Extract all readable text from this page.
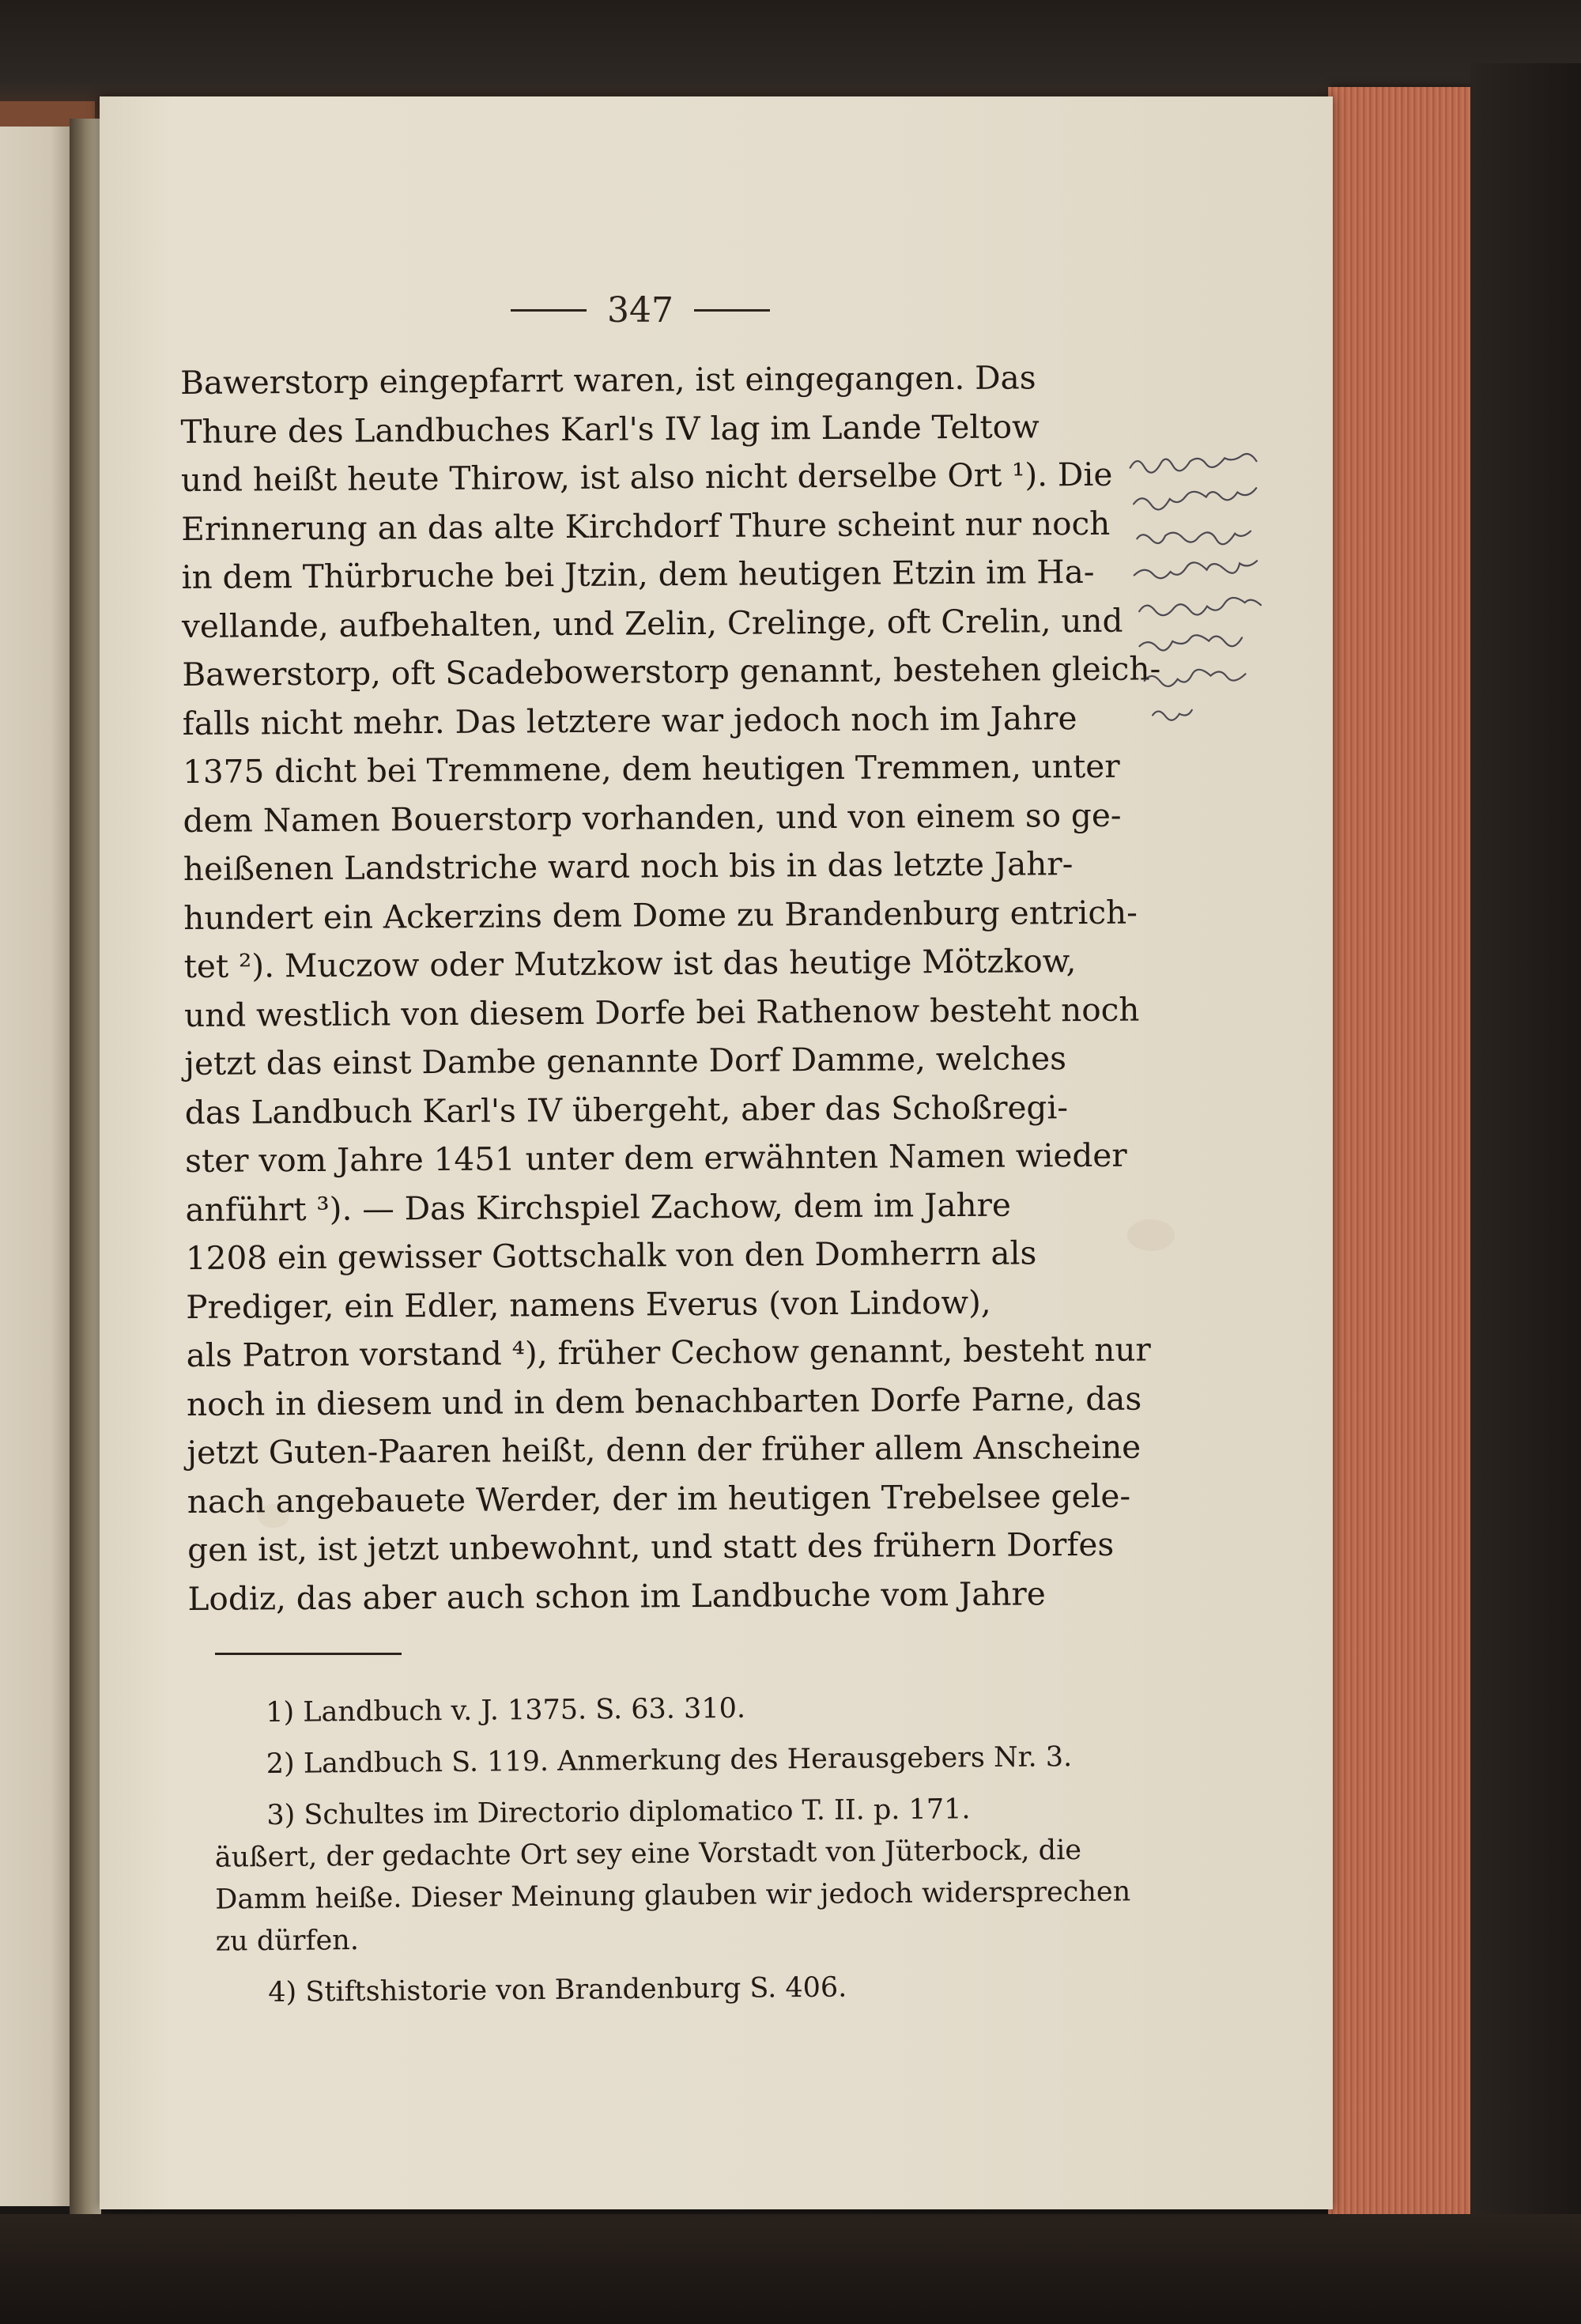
347
Bawerstorp eingepfarrt waren, ist eingegangen. Das
Thure des Landbuches Karl's IV lag im Lande Teltow
und heißt heute Thirow, ist also nicht derselbe Ort ¹). Die
Erinnerung an das alte Kirchdorf Thure scheint nur noch
in dem Thürbruche bei Jtzin, dem heutigen Etzin im Ha-
vellande, aufbehalten, und Zelin, Crelinge, oft Crelin, und
Bawerstorp, oft Scadebowerstorp genannt, bestehen gleich-
falls nicht mehr. Das letztere war jedoch noch im Jahre
1375 dicht bei Tremmene, dem heutigen Tremmen, unter
dem Namen Bouerstorp vorhanden, und von einem so ge-
heißenen Landstriche ward noch bis in das letzte Jahr-
hundert ein Ackerzins dem Dome zu Brandenburg entrich-
tet ²). Muczow oder Mutzkow ist das heutige Mötzkow,
und westlich von diesem Dorfe bei Rathenow besteht noch
jetzt das einst Dambe genannte Dorf Damme, welches
das Landbuch Karl's IV übergeht, aber das Schoßregi-
ster vom Jahre 1451 unter dem erwähnten Namen wieder
anführt ³). — Das Kirchspiel Zachow, dem im Jahre
1208 ein gewisser Gottschalk von den Domherrn als
Prediger, ein Edler, namens Everus (von Lindow),
als Patron vorstand ⁴), früher Cechow genannt, besteht nur
noch in diesem und in dem benachbarten Dorfe Parne, das
jetzt Guten-Paaren heißt, denn der früher allem Anscheine
nach angebauete Werder, der im heutigen Trebelsee gele-
gen ist, ist jetzt unbewohnt, und statt des frühern Dorfes
Lodiz, das aber auch schon im Landbuche vom Jahre
1) Landbuch v. J. 1375. S. 63. 310.
2) Landbuch S. 119. Anmerkung des Herausgebers Nr. 3.
3) Schultes im Directorio diplomatico T. II. p. 171.
äußert, der gedachte Ort sey eine Vorstadt von Jüterbock, die
Damm heiße. Dieser Meinung glauben wir jedoch widersprechen
zu dürfen.
4) Stiftshistorie von Brandenburg S. 406.
